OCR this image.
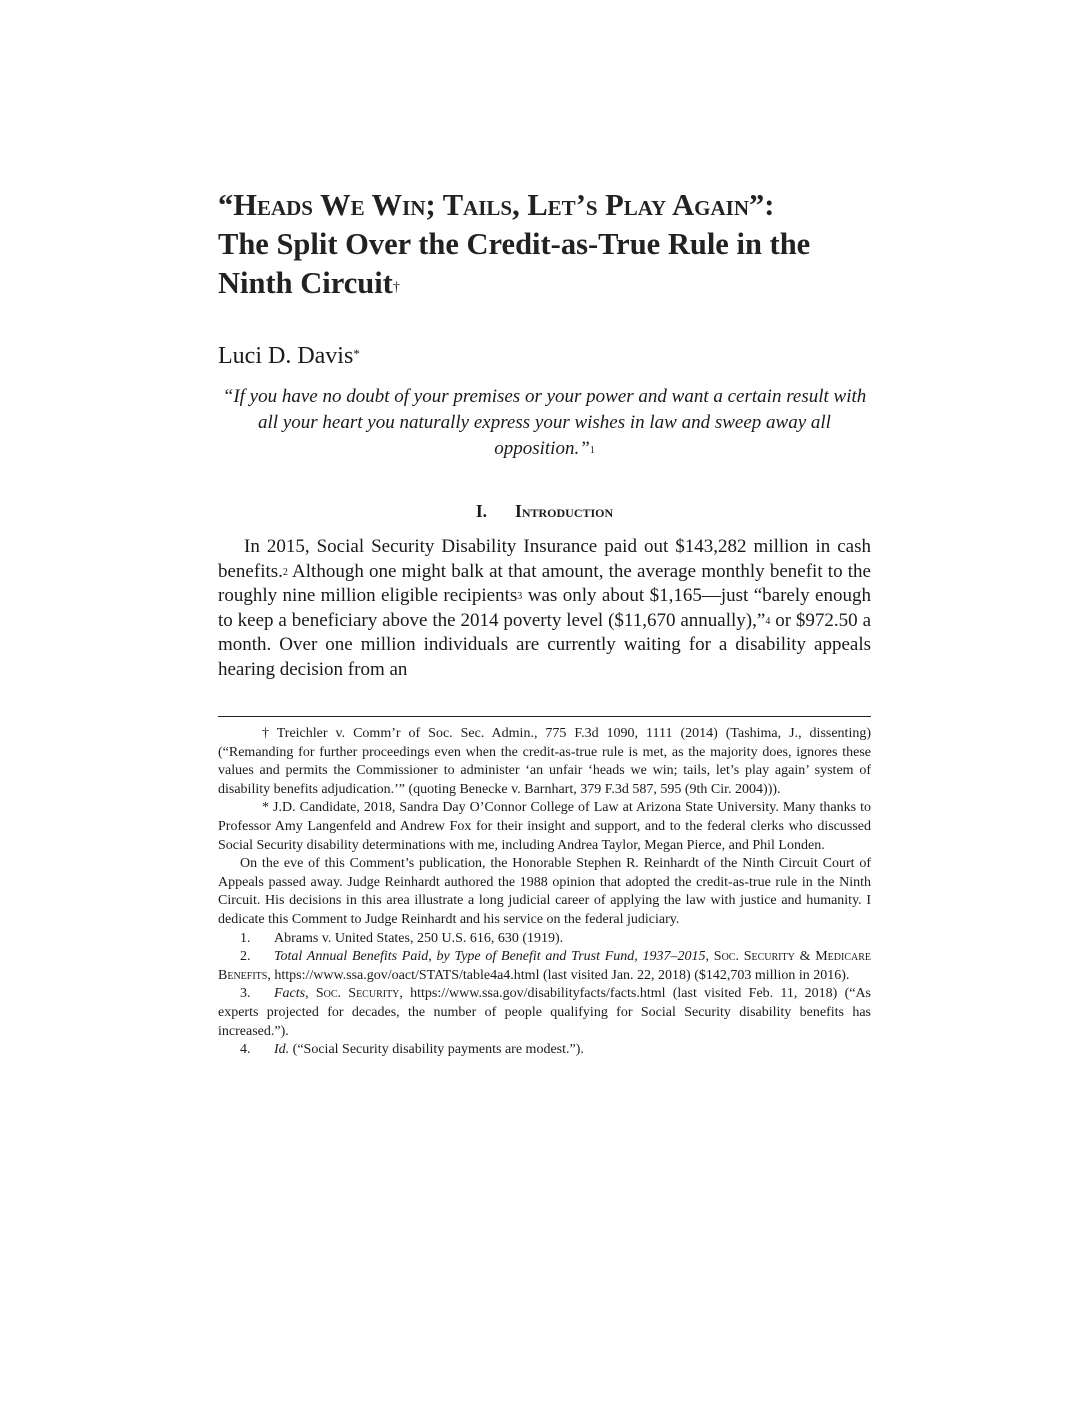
“Heads We Win; Tails, Let’s Play Again”:
The Split Over the Credit-as-True Rule in the
Ninth Circuit†

Luci D. Davis*

“If you have no doubt of your premises or your power and want a certain result with all your heart you naturally express your wishes in law and sweep away all opposition.”$^1$

I. Introduction

In 2015, Social Security Disability Insurance paid out $143,282 million in cash benefits.$^2$ Although one might balk at that amount, the average monthly benefit to the roughly nine million eligible recipients$^3$ was only about $1,165—just “barely enough to keep a beneficiary above the 2014 poverty level ($11,670 annually),”$^4$ or $972.50 a month. Over one million individuals are currently waiting for a disability appeals hearing decision from an

† Treichler v. Comm’r of Soc. Sec. Admin., 775 F.3d 1090, 1111 (2014) (Tashima, J., dissenting) (“Remanding for further proceedings even when the credit-as-true rule is met, as the majority does, ignores these values and permits the Commissioner to administer ‘an unfair ‘heads we win; tails, let’s play again’ system of disability benefits adjudication.’” (quoting Benecke v. Barnhart, 379 F.3d 587, 595 (9th Cir. 2004))).

* J.D. Candidate, 2018, Sandra Day O’Connor College of Law at Arizona State University. Many thanks to Professor Amy Langenfeld and Andrew Fox for their insight and support, and to the federal clerks who discussed Social Security disability determinations with me, including Andrea Taylor, Megan Pierce, and Phil Londen.

On the eve of this Comment’s publication, the Honorable Stephen R. Reinhardt of the Ninth Circuit Court of Appeals passed away. Judge Reinhardt authored the 1988 opinion that adopted the credit-as-true rule in the Ninth Circuit. His decisions in this area illustrate a long judicial career of applying the law with justice and humanity. I dedicate this Comment to Judge Reinhardt and his service on the federal judiciary.

1. Abrams v. United States, 250 U.S. 616, 630 (1919).

2. Total Annual Benefits Paid, by Type of Benefit and Trust Fund, 1937–2015, Soc. Security & Medicare Benefits, https://www.ssa.gov/oact/STATS/table4a4.html (last visited Jan. 22, 2018) ($142,703 million in 2016).

3. Facts, Soc. Security, https://www.ssa.gov/disabilityfacts/facts.html (last visited Feb. 11, 2018) (“As experts projected for decades, the number of people qualifying for Social Security disability benefits has increased.”).

4. Id. (“Social Security disability payments are modest.”).
